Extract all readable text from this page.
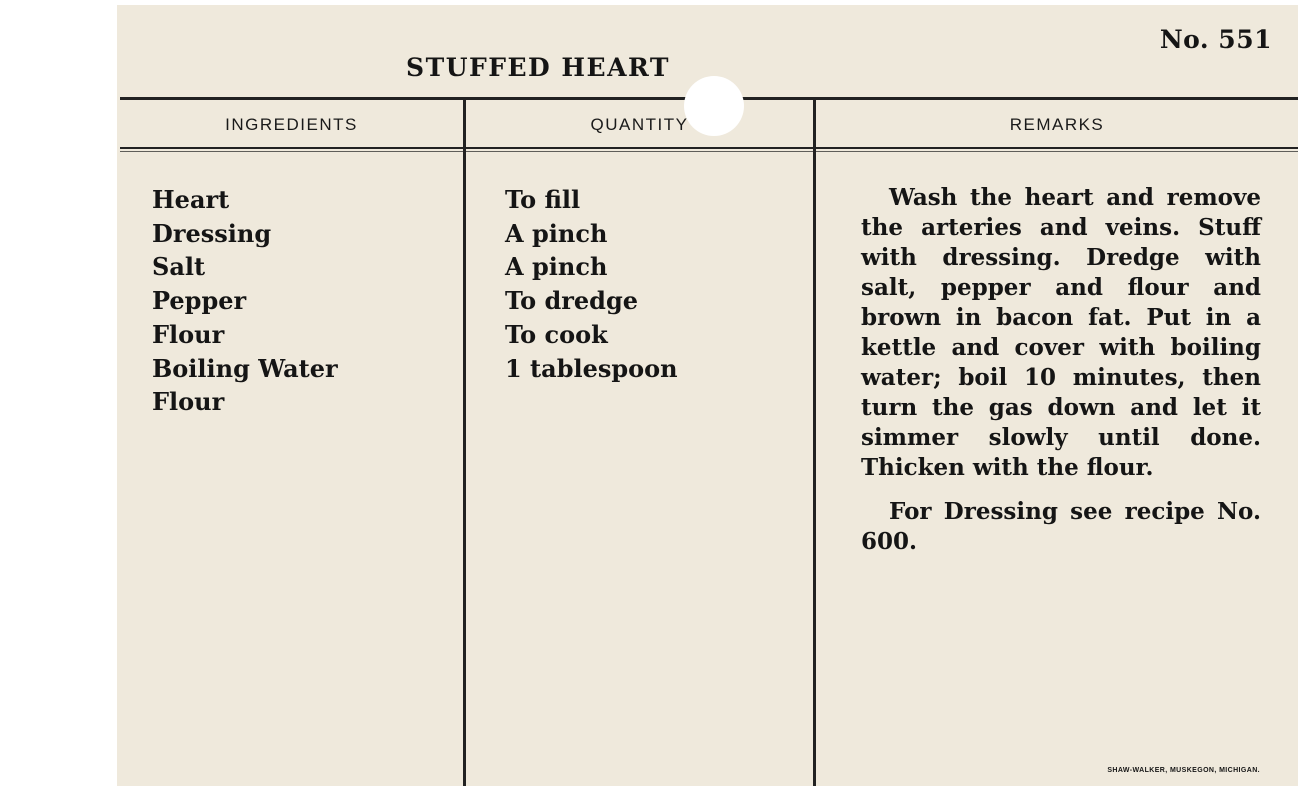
No. 551
STUFFED HEART
INGREDIENTS	QUANTITY	REMARKS
Heart
Dressing
Salt
Pepper
Flour
Boiling Water
Flour
To fill
A pinch
A pinch
To dredge
To cook
1 tablespoon

Wash the heart and remove the arteries and veins. Stuff with dressing. Dredge with salt, pepper and flour and brown in bacon fat. Put in a kettle and cover with boiling water; boil 10 minutes, then turn the gas down and let it simmer slowly until done. Thicken with the flour.

For Dressing see recipe No. 600.

SHAW-WALKER, MUSKEGON, MICHIGAN.
